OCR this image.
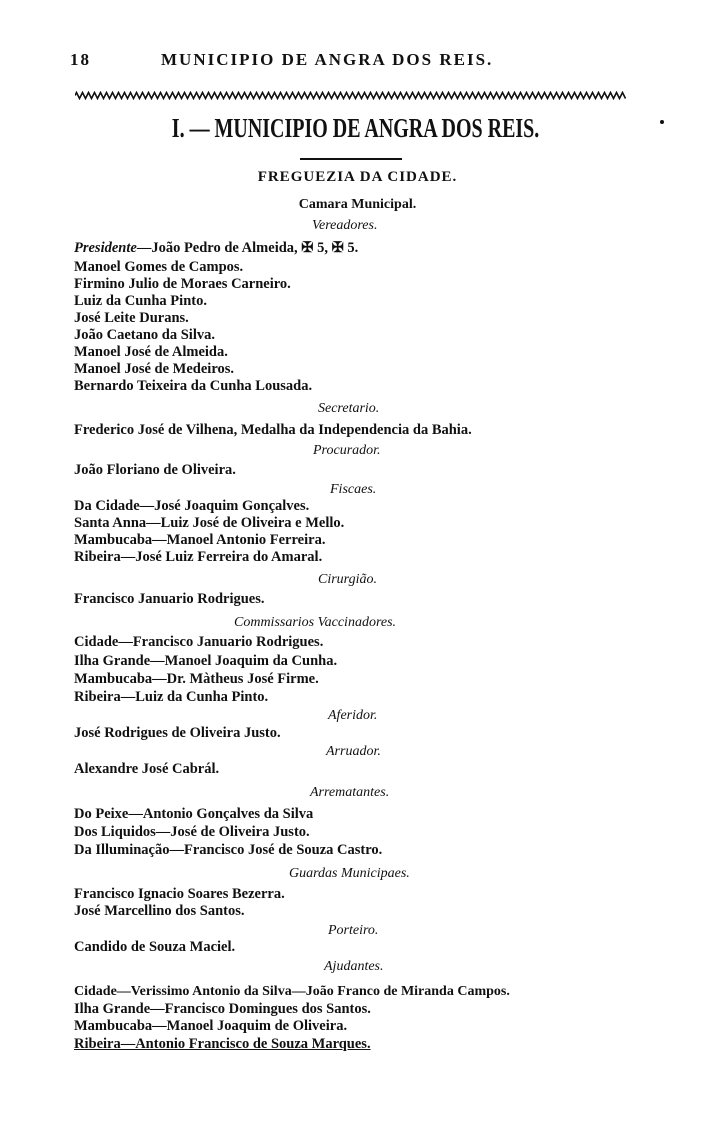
18	MUNICIPIO DE ANGRA DOS REIS.
I. — MUNICIPIO DE ANGRA DOS REIS.
FREGUEZIA DA CIDADE.
Camara Municipal.
Vereadores.
Presidente—João Pedro de Almeida, ✠ 5, ✠ 5.
Manoel Gomes de Campos.
Firmino Julio de Moraes Carneiro.
Luiz da Cunha Pinto.
José Leite Durans.
João Caetano da Silva.
Manoel José de Almeida.
Manoel José de Medeiros.
Bernardo Teixeira da Cunha Lousada.
Secretario.
Frederico José de Vilhena, Medalha da Independencia da Bahia.
Procurador.
João Floriano de Oliveira.
Fiscaes.
Da Cidade—José Joaquim Gonçalves.
Santa Anna—Luiz José de Oliveira e Mello.
Mambucaba—Manoel Antonio Ferreira.
Ribeira—José Luiz Ferreira do Amaral.
Cirurgião.
Francisco Januario Rodrigues.
Commissarios Vaccinadores.
Cidade—Francisco Januario Rodrigues.
Ilha Grande—Manoel Joaquim da Cunha.
Mambucaba—Dr. Màtheus José Firme.
Ribeira—Luiz da Cunha Pinto.
Aferidor.
José Rodrigues de Oliveira Justo.
Arruador.
Alexandre José Cabrál.
Arrematantes.
Do Peixe—Antonio Gonçalves da Silva
Dos Liquidos—José de Oliveira Justo.
Da Illuminação—Francisco José de Souza Castro.
Guardas Municipaes.
Francisco Ignacio Soares Bezerra.
José Marcellino dos Santos.
Porteiro.
Candido de Souza Maciel.
Ajudantes.
Cidade—Verissimo Antonio da Silva—João Franco de Miranda Campos.
Ilha Grande—Francisco Domingues dos Santos.
Mambucaba—Manoel Joaquim de Oliveira.
Ribeira—Antonio Francisco de Souza Marques.
